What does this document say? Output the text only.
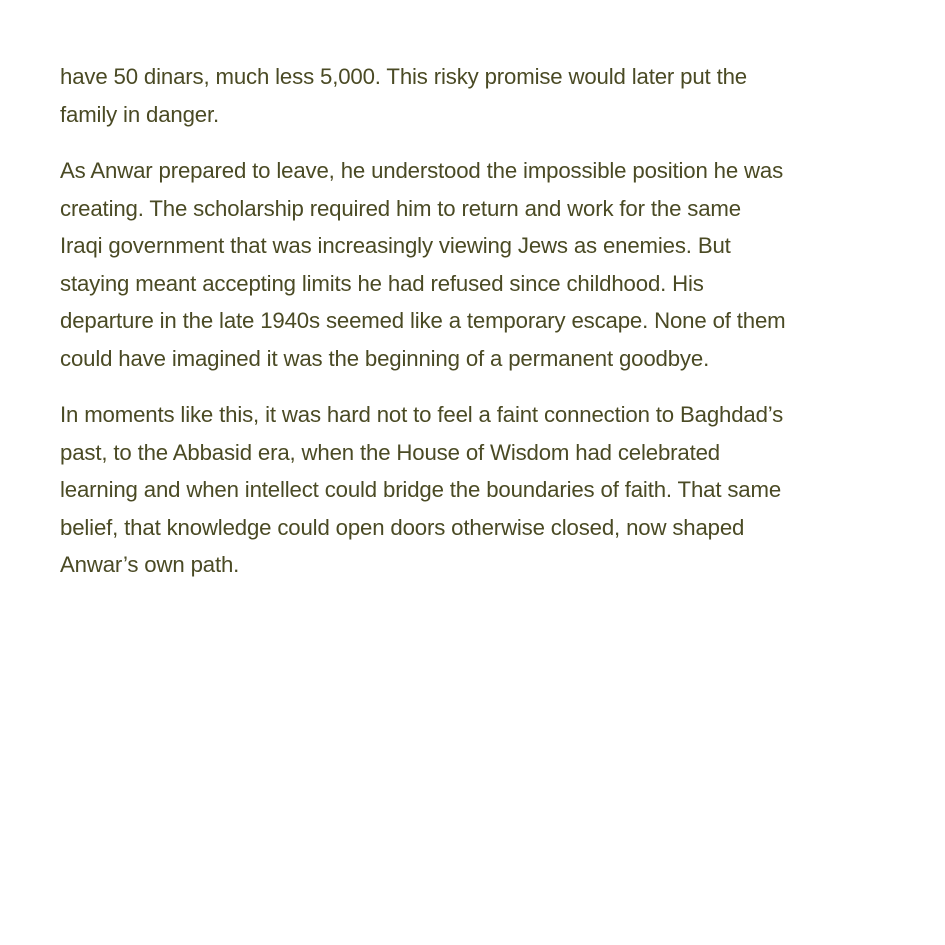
have 50 dinars, much less 5,000. This risky promise would later put the
family in danger.

As Anwar prepared to leave, he understood the impossible position he was
creating. The scholarship required him to return and work for the same
Iraqi government that was increasingly viewing Jews as enemies. But
staying meant accepting limits he had refused since childhood. His
departure in the late 1940s seemed like a temporary escape. None of them
could have imagined it was the beginning of a permanent goodbye.

In moments like this, it was hard not to feel a faint connection to Baghdad’s
past, to the Abbasid era, when the House of Wisdom had celebrated
learning and when intellect could bridge the boundaries of faith. That same
belief, that knowledge could open doors otherwise closed, now shaped
Anwar’s own path.
